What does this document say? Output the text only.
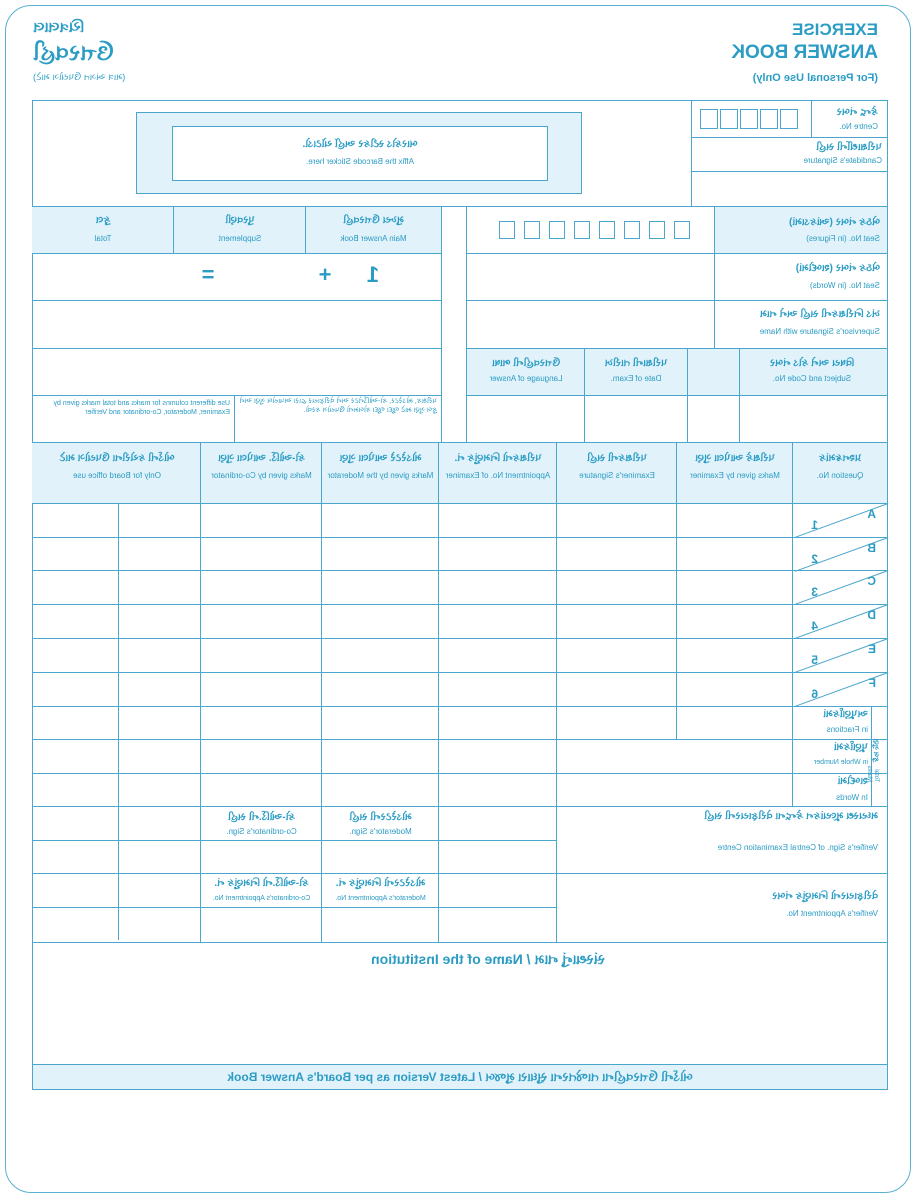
EXERCISE
ANSWER BOOK
(For Personal Use Only)
ચિત્રલાલ
ઉત્તરવહી
(માત્ર અંગત ઉપયોગ માટે)
કેન્દ્ર નંબર
Centre No.
પરીક્ષાર્થીની સહી
Candidate's Signature
બારકોડ સ્ટીકર અહીં ચોંટાડો.
Affix the Barcode Sticker here.
બેઠક નંબર (આંકડામાં)
Seat No. (in Figures)
બેઠક નંબર (શબ્દોમાં)
Seat No. (in Words)
ખંડ નિરીક્ષકની સહી અને નામ
Supervisor's Signature with Name
વિષય અને કોડ નંબર
Subject and Code No.
પરીક્ષાની તારીખ
Date of Exam.
ઉત્તરવહીની ભાષા
Language of Answer
મુખ્ય ઉત્તરવહી
Main Answer Book
પુરવણી
Supplement
કુલ
Total
1
+
=
પરીક્ષક, મોડરેટર, કો-ઓર્ડિનેટર અને વેરીફાયર દ્વારા અપાયેલ ગુણ અને કુલ ગુણ માટે જુદા જુદા કોલમનો ઉપયોગ કરવો.
Use different columns for marks and total marks given by Examiner, Moderator, Co-ordinator and Verifier
પ્રશ્નક્રમાંક
Question No.
પરીક્ષકે આપેલા ગુણ
Marks given by Examiner
પરીક્ષકની સહી
Examiner's Signature
પરીક્ષકનો નિમણુંક નં.
Appointment No. of Examiner
મોડરેટરે આપેલા ગુણ
Marks given by the Moderator
કો-ઓર્ડિ. આપેલા ગુણ
Marks given by Co-ordinator
બોર્ડની કચેરીના ઉપયોગ માટે
Only for Board office use
A
B
C
D
E
F
1
2
3
4
5
6
કુલ ગુણ
Total Marks
અપૂર્ણાંકમાં
in Fractions
પૂર્ણાંકમાં
in Whole Number
શબ્દોમાં
In Words
મધ્યસ્થ મૂલ્યાંકન કેન્દ્રના વેરીફાયરની સહી
Verifier's Sign. of Central Examination Centre
વેરીફાયરનો નિમણુંક નંબર
Verifier's Appointment No.
મોડરેટરની સહી
Moderator's Sign.
કો-ઓર્ડિ.ની સહી
Co-ordinator's Sign.
મોડરેટરનો નિમણુંક નં.
Moderator's Appointment No.
કો-ઓર્ડિ.નો નિમણુંક નં.
Co-ordinator's Appointment No.
સંસ્થાનું નામ / Name of the Institution
બોર્ડની ઉત્તરવહીના તાજેતરના સુધારા મુજબ / Latest Version as per Board's Answer Book
